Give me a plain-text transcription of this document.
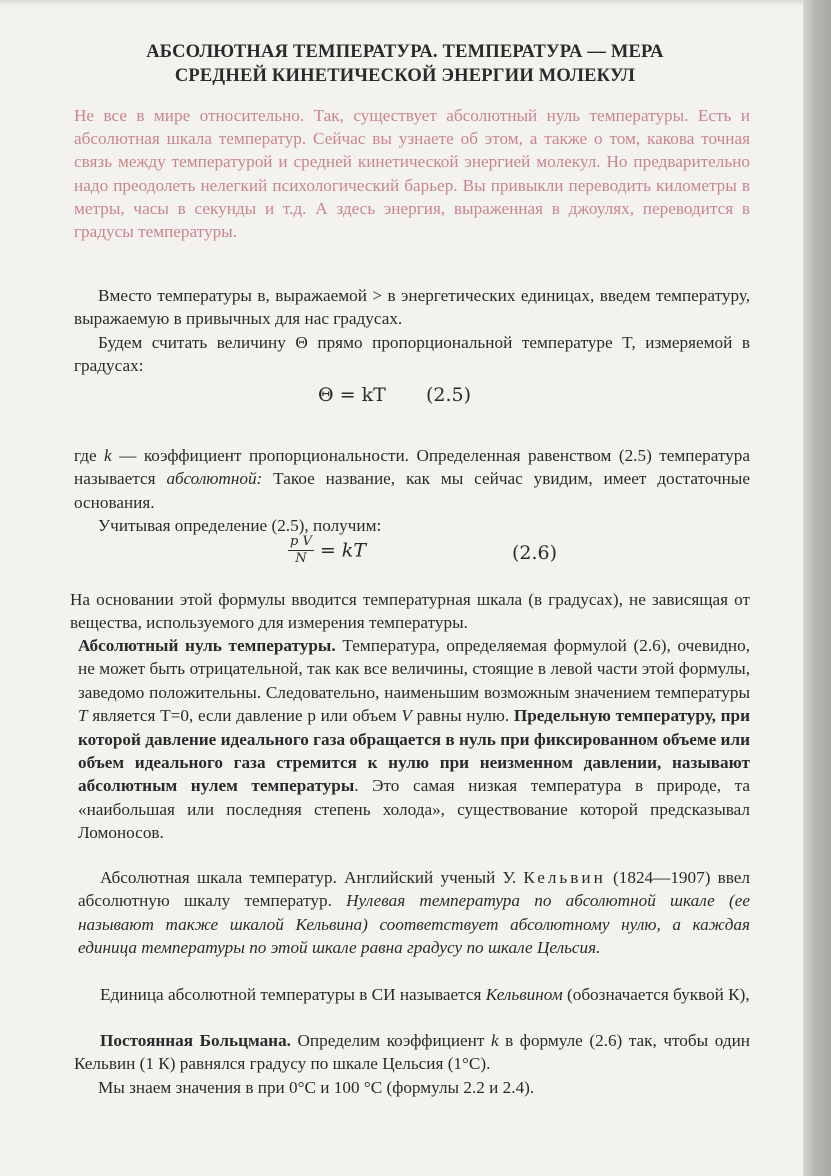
АБСОЛЮТНАЯ ТЕМПЕРАТУРА. ТЕМПЕРАТУРА — МЕРА
СРЕДНЕЙ КИНЕТИЧЕСКОЙ ЭНЕРГИИ МОЛЕКУЛ
Не все в мире относительно. Так, существует абсолютный нуль температуры. Есть и абсолютная шкала температур. Сейчас вы узнаете об этом, а также о том, какова точная связь между температурой и средней кинетической энергией молекул. Но предварительно надо преодолеть нелегкий психологический барьер. Вы привыкли переводить километры в метры, часы в секунды и т.д. А здесь энергия, выраженная в джоулях, переводится в градусы температуры.
Вместо температуры в, выражаемой > в энергетических единицах, введем температуру, выражаемую в привычных для нас градусах.
Будем считать величину Θ прямо пропорциональной температуре T, измеряемой в градусах:
Θ = kT (2.5)
где k — коэффициент пропорциональности. Определенная равенством (2.5) температура называется абсолютной: Такое название, как мы сейчас увидим, имеет достаточные основания.
Учитывая определение (2.5), получим:
$\frac{\text{p V}}{N}$ = kT	(2.6)
На основании этой формулы вводится температурная шкала (в градусах), не зависящая от вещества, используемого для измерения температуры.
Абсолютный нуль температуры. Температура, определяемая формулой (2.6), очевидно, не может быть отрицательной, так как все величины, стоящие в левой части этой формулы, заведомо положительны. Следовательно, наименьшим возможным значением температуры T является T=0, если давление р или объем V равны нулю. Предельную температуру, при которой давление идеального газа обращается в нуль при фиксированном объеме или объем идеального газа стремится к нулю при неизменном давлении, называют абсолютным нулем температуры. Это самая низкая температура в природе, та «наибольшая или последняя степень холода», существование которой предсказывал Ломоносов.
Абсолютная шкала температур. Английский ученый У. Кельвин (1824—1907) ввел абсолютную шкалу температур. Нулевая температура по абсолютной шкале (ее называют также шкалой Кельвина) соответствует абсолютному нулю, а каждая единица температуры по этой шкале равна градусу по шкале Цельсия.
Единица абсолютной температуры в СИ называется Кельвином (обозначается буквой К),
Постоянная Больцмана. Определим коэффициент k в формуле (2.6) так, чтобы один Кельвин (1 К) равнялся градусу по шкале Цельсия (1°C).
Мы знаем значения в при 0°С и 100 °С (формулы 2.2 и 2.4).
